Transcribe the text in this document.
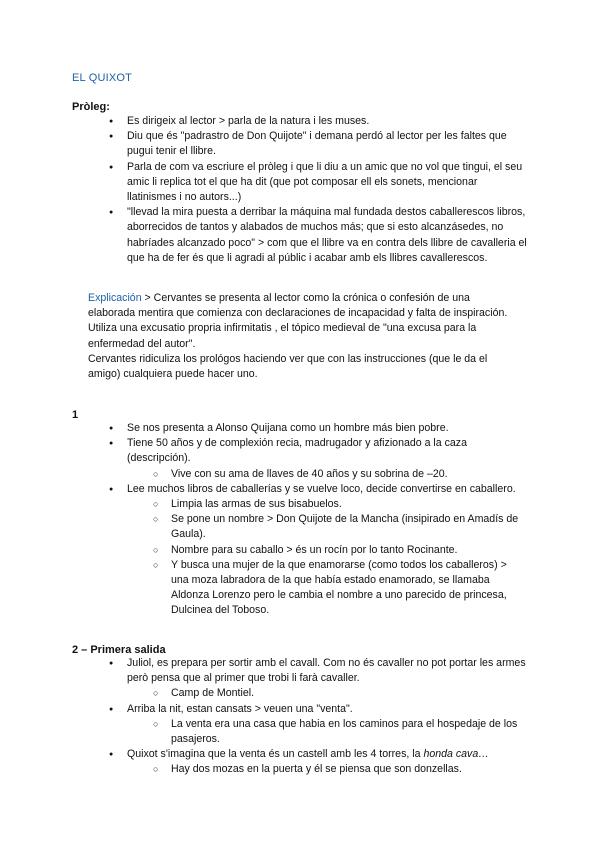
EL QUIXOT
Pròleg:
● Es dirigeix al lector > parla de la natura i les muses.
● Diu que és "padrastro de Don Quijote" i demana perdó al lector per les faltes que pugui tenir el llibre.
● Parla de com va escriure el pròleg i que li diu a un amic que no vol que tingui, el seu amic li replica tot el que ha dit (que pot composar ell els sonets, mencionar llatinismes i no autors...)
● "llevad la mira puesta a derribar la máquina mal fundada destos caballerescos libros, aborrecidos de tantos y alabados de muchos más; que si esto alcanzásedes, no habríades alcanzado poco" > com que el llibre va en contra dels llibre de cavalleria el que ha de fer és que li agradi al públic i acabar amb els llibres cavallerescos.
Explicación > Cervantes se presenta al lector como la crónica o confesión de una elaborada mentira que comienza con declaraciones de incapacidad y falta de inspiración.
Utiliza una excusatio propria infirmitatis , el tópico medieval de "una excusa para la enfermedad del autor".
Cervantes ridiculiza los prológos haciendo ver que con las instrucciones (que le da el amigo) cualquiera puede hacer uno.
1
● Se nos presenta a Alonso Quijana como un hombre más bien pobre.
● Tiene 50 años y de complexión recia, madrugador y afizionado a la caza (descripción).
○ Vive con su ama de llaves de 40 años y su sobrina de ‒20.
● Lee muchos libros de caballerías y se vuelve loco, decide convertirse en caballero.
○ Limpia las armas de sus bisabuelos.
○ Se pone un nombre > Don Quijote de la Mancha (insipirado en Amadís de Gaula).
○ Nombre para su caballo > és un rocín por lo tanto Rocinante.
○ Y busca una mujer de la que enamorarse (como todos los caballeros) > una moza labradora de la que había estado enamorado, se llamaba Aldonza Lorenzo pero le cambia el nombre a uno parecido de princesa, Dulcinea del Toboso.
2 – Primera salida
● Juliol, es prepara per sortir amb el cavall. Com no és cavaller no pot portar les armes però pensa que al primer que trobi li farà cavaller.
○ Camp de Montiel.
● Arriba la nit, estan cansats > veuen una "venta".
○ La venta era una casa que habia en los caminos para el hospedaje de los pasajeros.
● Quixot s'imagina que la venta és un castell amb les 4 torres, la honda cava…
○ Hay dos mozas en la puerta y él se piensa que son donzellas.
